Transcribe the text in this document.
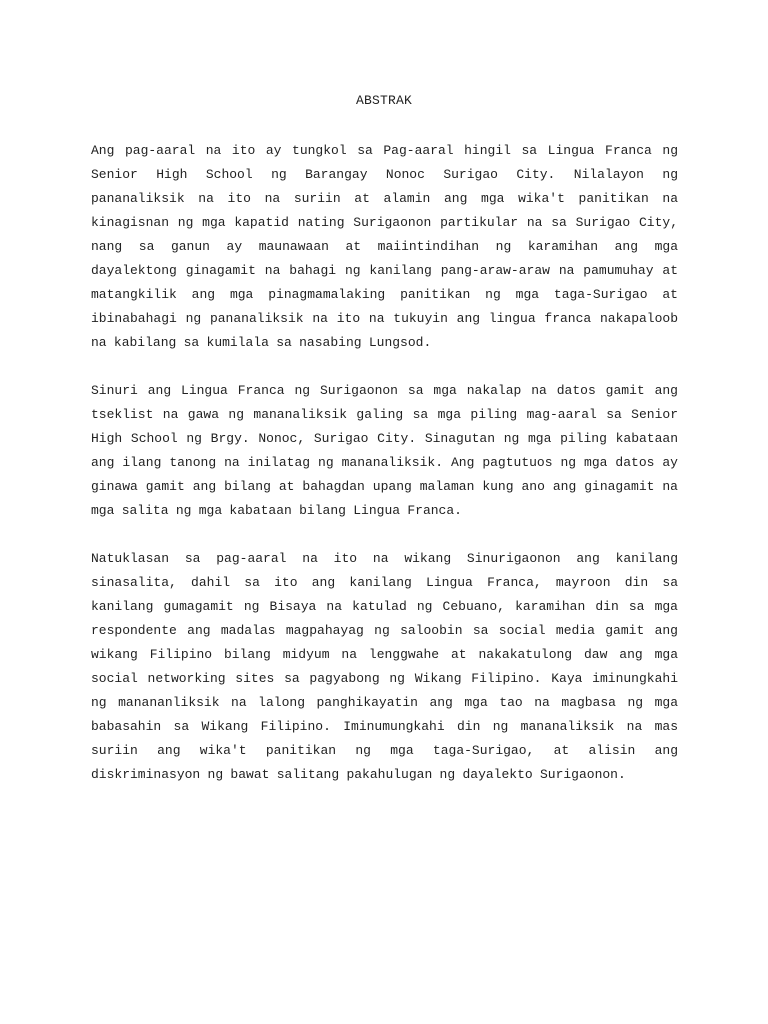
ABSTRAK

Ang pag-aaral na ito ay tungkol sa Pag-aaral hingil sa Lingua Franca ng Senior High School ng Barangay Nonoc Surigao City. Nilalayon ng pananaliksik na ito na suriin at alamin ang mga wika't panitikan na kinagisnan ng mga kapatid nating Surigaonon partikular na sa Surigao City, nang sa ganun ay maunawaan at maiintindihan ng karamihan ang mga dayalektong ginagamit na bahagi ng kanilang pang-araw-araw na pamumuhay at matangkilik ang mga pinagmamalaking panitikan ng mga taga-Surigao at ibinabahagi ng pananaliksik na ito na tukuyin ang lingua franca nakapaloob na kabilang sa kumilala sa nasabing Lungsod.

Sinuri ang Lingua Franca ng Surigaonon sa mga nakalap na datos gamit ang tseklist na gawa ng mananaliksik galing sa mga piling mag-aaral sa Senior High School ng Brgy. Nonoc, Surigao City. Sinagutan ng mga piling kabataan ang ilang tanong na inilatag ng mananaliksik. Ang pagtutuos ng mga datos ay ginawa gamit ang bilang at bahagdan upang malaman kung ano ang ginagamit na mga salita ng mga kabataan bilang Lingua Franca.

Natuklasan sa pag-aaral na ito na wikang Sinurigaonon ang kanilang sinasalita, dahil sa ito ang kanilang Lingua Franca, mayroon din sa kanilang gumagamit ng Bisaya na katulad ng Cebuano, karamihan din sa mga respondente ang madalas magpahayag ng saloobin sa social media gamit ang wikang Filipino bilang midyum na lenggwahe at nakakatulong daw ang mga social networking sites sa pagyabong ng Wikang Filipino. Kaya iminungkahi ng manananliksik na lalong panghikayatin ang mga tao na magbasa ng mga babasahin sa Wikang Filipino. Iminumungkahi din ng mananaliksik na mas suriin ang wika't panitikan ng mga taga-Surigao, at alisin ang diskriminasyon ng bawat salitang pakahulugan ng dayalekto Surigaonon.
